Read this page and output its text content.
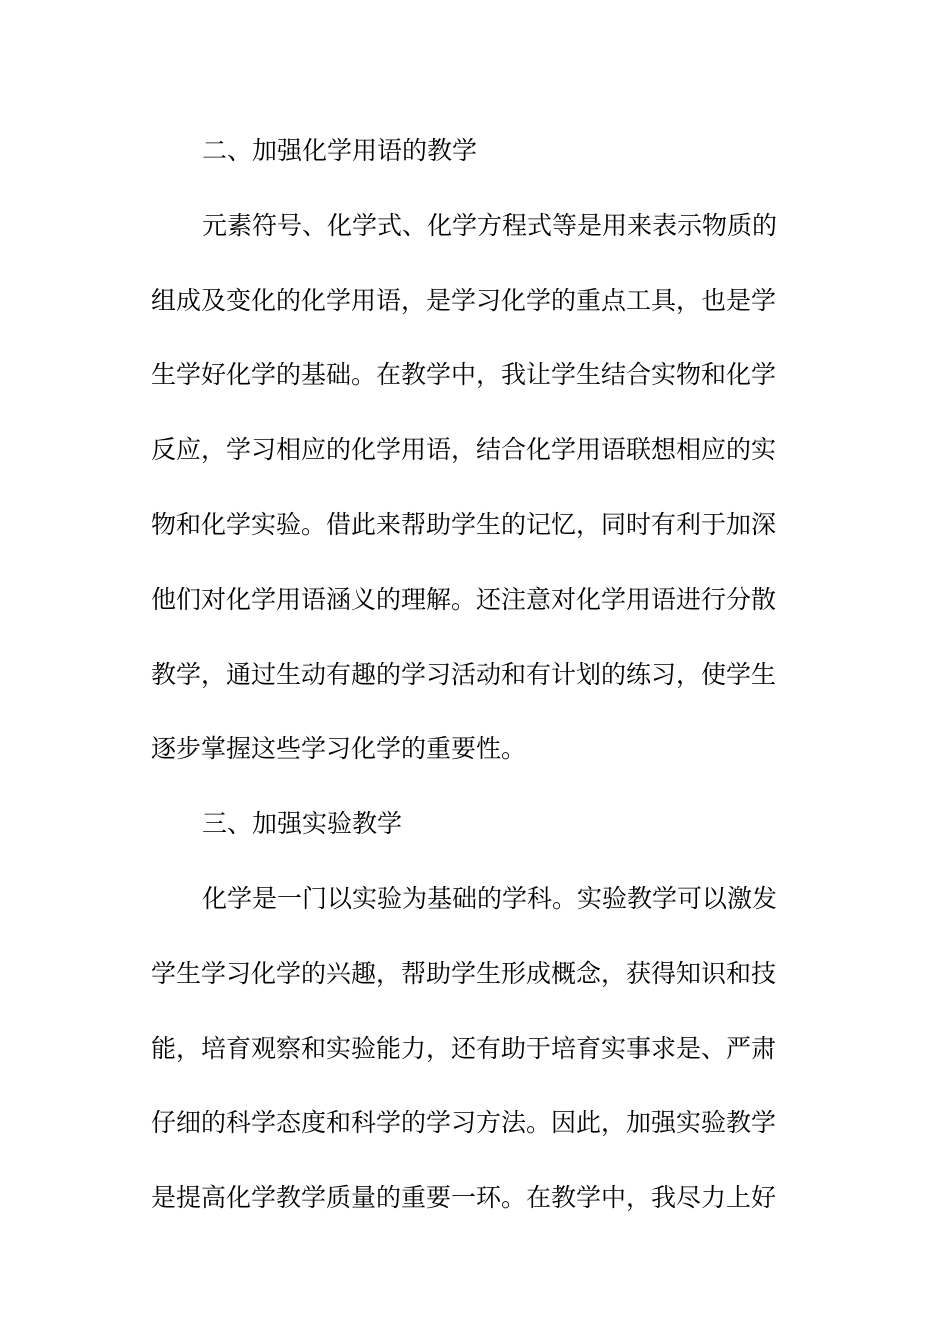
二、加强化学用语的教学
元素符号、化学式、化学方程式等是用来表示物质的
组成及变化的化学用语，是学习化学的重点工具，也是学
生学好化学的基础。在教学中，我让学生结合实物和化学
反应，学习相应的化学用语，结合化学用语联想相应的实
物和化学实验。借此来帮助学生的记忆，同时有利于加深
他们对化学用语涵义的理解。还注意对化学用语进行分散
教学，通过生动有趣的学习活动和有计划的练习，使学生
逐步掌握这些学习化学的重要性。
三、加强实验教学
化学是一门以实验为基础的学科。实验教学可以激发
学生学习化学的兴趣，帮助学生形成概念，获得知识和技
能，培育观察和实验能力，还有助于培育实事求是、严肃
仔细的科学态度和科学的学习方法。因此，加强实验教学
是提高化学教学质量的重要一环。在教学中，我尽力上好
